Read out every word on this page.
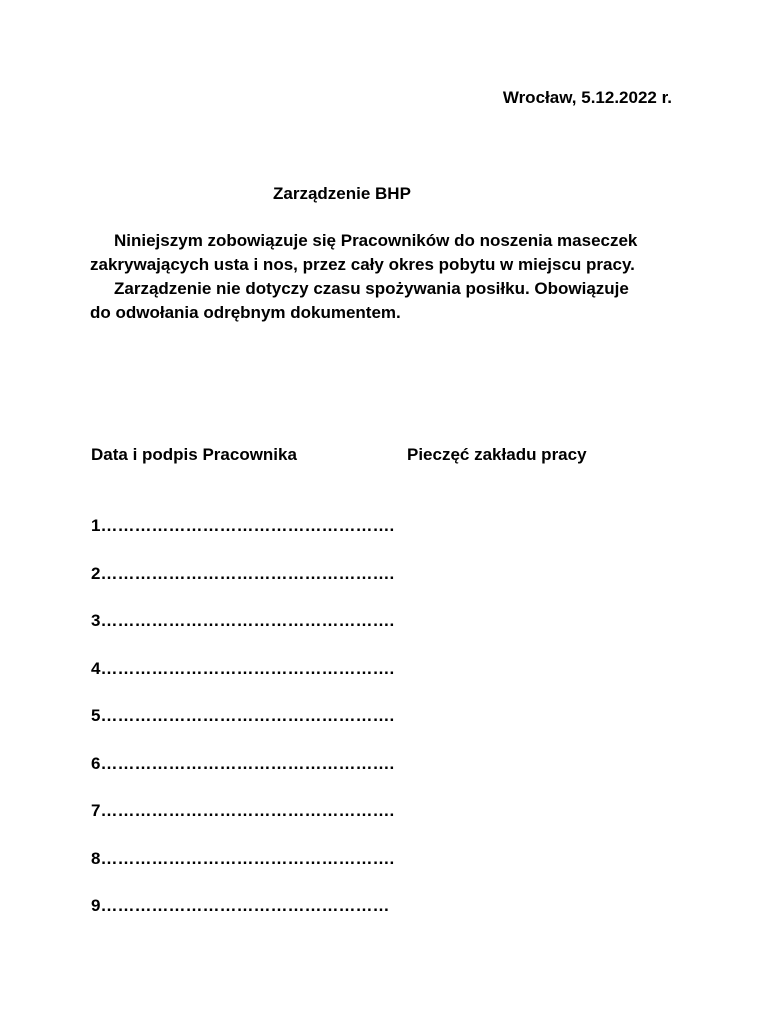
Wrocław, 5.12.2022 r.
Zarządzenie BHP
Niniejszym zobowiązuje się Pracowników do noszenia maseczek
zakrywających usta i nos, przez cały okres pobytu w miejscu pracy.
Zarządzenie nie dotyczy czasu spożywania posiłku. Obowiązuje
do odwołania odrębnym dokumentem.
Data i podpis Pracownika	Pieczęć zakładu pracy
1…………………………………………….
2…………………………………………….
3…………………………………………….
4…………………………………………….
5…………………………………………….
6…………………………………………….
7…………………………………………….
8…………………………………………….
9……………………………………………
